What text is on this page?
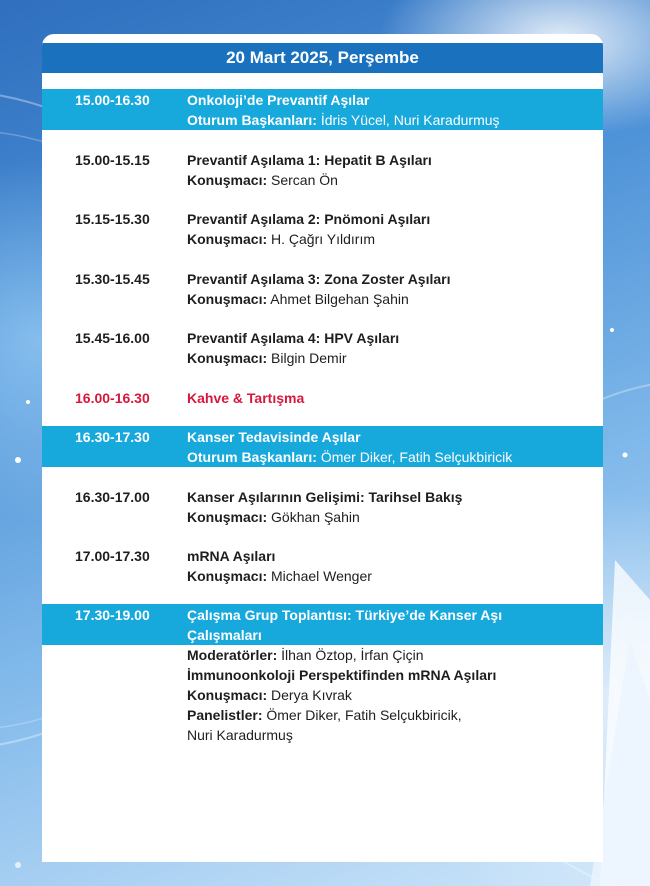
20 Mart 2025, Perşembe
15.00-16.30	Onkoloji’de Prevantif Aşılar
Oturum Başkanları: İdris Yücel, Nuri Karadurmuş
15.00-15.15	Prevantif Aşılama 1: Hepatit B Aşıları
Konuşmacı: Sercan Ön
15.15-15.30	Prevantif Aşılama 2: Pnömoni Aşıları
Konuşmacı: H. Çağrı Yıldırım
15.30-15.45	Prevantif Aşılama 3: Zona Zoster Aşıları
Konuşmacı: Ahmet Bilgehan Şahin
15.45-16.00	Prevantif Aşılama 4: HPV Aşıları
Konuşmacı: Bilgin Demir
16.00-16.30	Kahve & Tartışma
16.30-17.30	Kanser Tedavisinde Aşılar
Oturum Başkanları: Ömer Diker, Fatih Selçukbiricik
16.30-17.00	Kanser Aşılarının Gelişimi: Tarihsel Bakış
Konuşmacı: Gökhan Şahin
17.00-17.30	mRNA Aşıları
Konuşmacı: Michael Wenger
17.30-19.00	Çalışma Grup Toplantısı: Türkiye’de Kanser Aşı
Çalışmaları
Moderatörler: İlhan Öztop, İrfan Çiçin
İmmunoonkoloji Perspektifinden mRNA Aşıları
Konuşmacı: Derya Kıvrak
Panelistler: Ömer Diker, Fatih Selçukbiricik,
Nuri Karadurmuş
